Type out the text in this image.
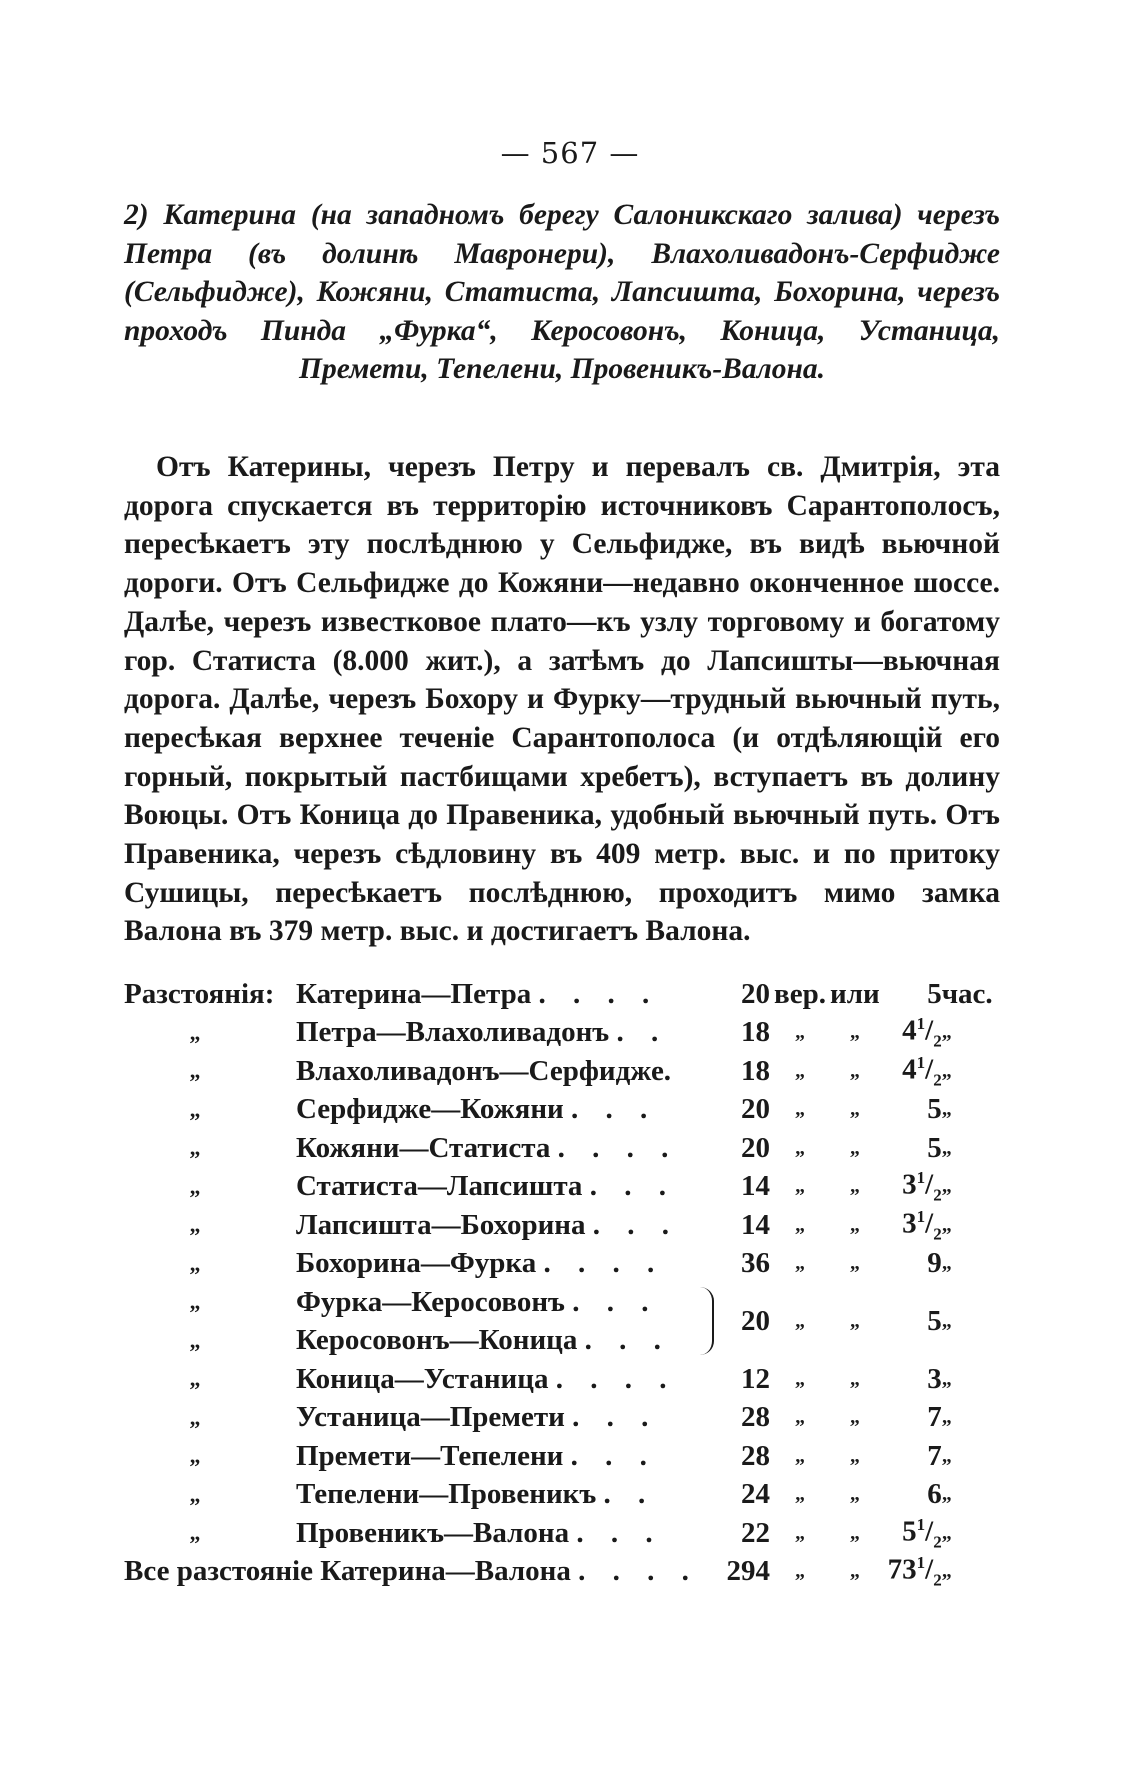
— 567 —
2) Катерина (на западномъ берегу Салоникскаго залива) черезъ Петра (въ долинѣ Мавронери), Влахоливадонъ-Серфидже (Сельфидже), Кожяни, Статиста, Лапсишта, Бохорина, черезъ проходъ Пинда „Фурка“, Керосовонъ, Коница, Устаница, Премети, Тепелени, Провеникъ-Валона.
Отъ Катерины, черезъ Петру и перевалъ св. Дмитрія, эта дорога спускается въ территорію источниковъ Сарантополосъ, пересѣкаетъ эту послѣднюю у Сельфидже, въ видѣ вьючной дороги. Отъ Сельфидже до Кожяни—недавно оконченное шоссе. Далѣе, черезъ известковое плато—къ узлу торговому и богатому гор. Статиста (8.000 жит.), а затѣмъ до Лапсишты—вьючная дорога. Далѣе, черезъ Бохору и Фурку—трудный вьючный путь, пересѣкая верхнее теченіе Сарантополоса (и отдѣляющій его горный, покрытый пастбищами хребетъ), вступаетъ въ долину Воюцы. Отъ Коница до Правеника, удобный вьючный путь. Отъ Правеника, черезъ сѣдловину въ 409 метр. выс. и по притоку Сушицы, пересѣкаетъ послѣднюю, проходитъ мимо замка Валона въ 379 метр. выс. и достигаетъ Валона.
Разстоянія:	Катерина—Петра . . . .	20	вер.	или	5	час.
„	Петра—Влахоливадонъ . .	18	„	„	$4^1/_2$	„
„	Влахоливадонъ—Серфидже.	18	„	„	$4^1/_2$	„
„	Серфидже—Кожяни . . .	20	„	„	5	„
„	Кожяни—Статиста . . . .	20	„	„	5	„
„	Статиста—Лапсишта . . .	14	„	„	$3^1/_2$	„
„	Лапсишта—Бохорина . . .	14	„	„	$3^1/_2$	„
„	Бохорина—Фурка . . . .	36	„	„	9	„
„	Фурка—Керосовонъ . . .	20	„	„	5	„
„	Керосовонъ—Коница . . .					
„	Коница—Устаница . . . .	12	„	„	3	„
„	Устаница—Премети . . .	28	„	„	7	„
„	Премети—Тепелени . . .	28	„	„	7	„
„	Тепелени—Провеникъ . .	24	„	„	6	„
„	Провеникъ—Валона . . .	22	„	„	$5^1/_2$	„
Все разстояніе Катерина—Валона . . . .		294	„	„	$73^1/_2$	„
